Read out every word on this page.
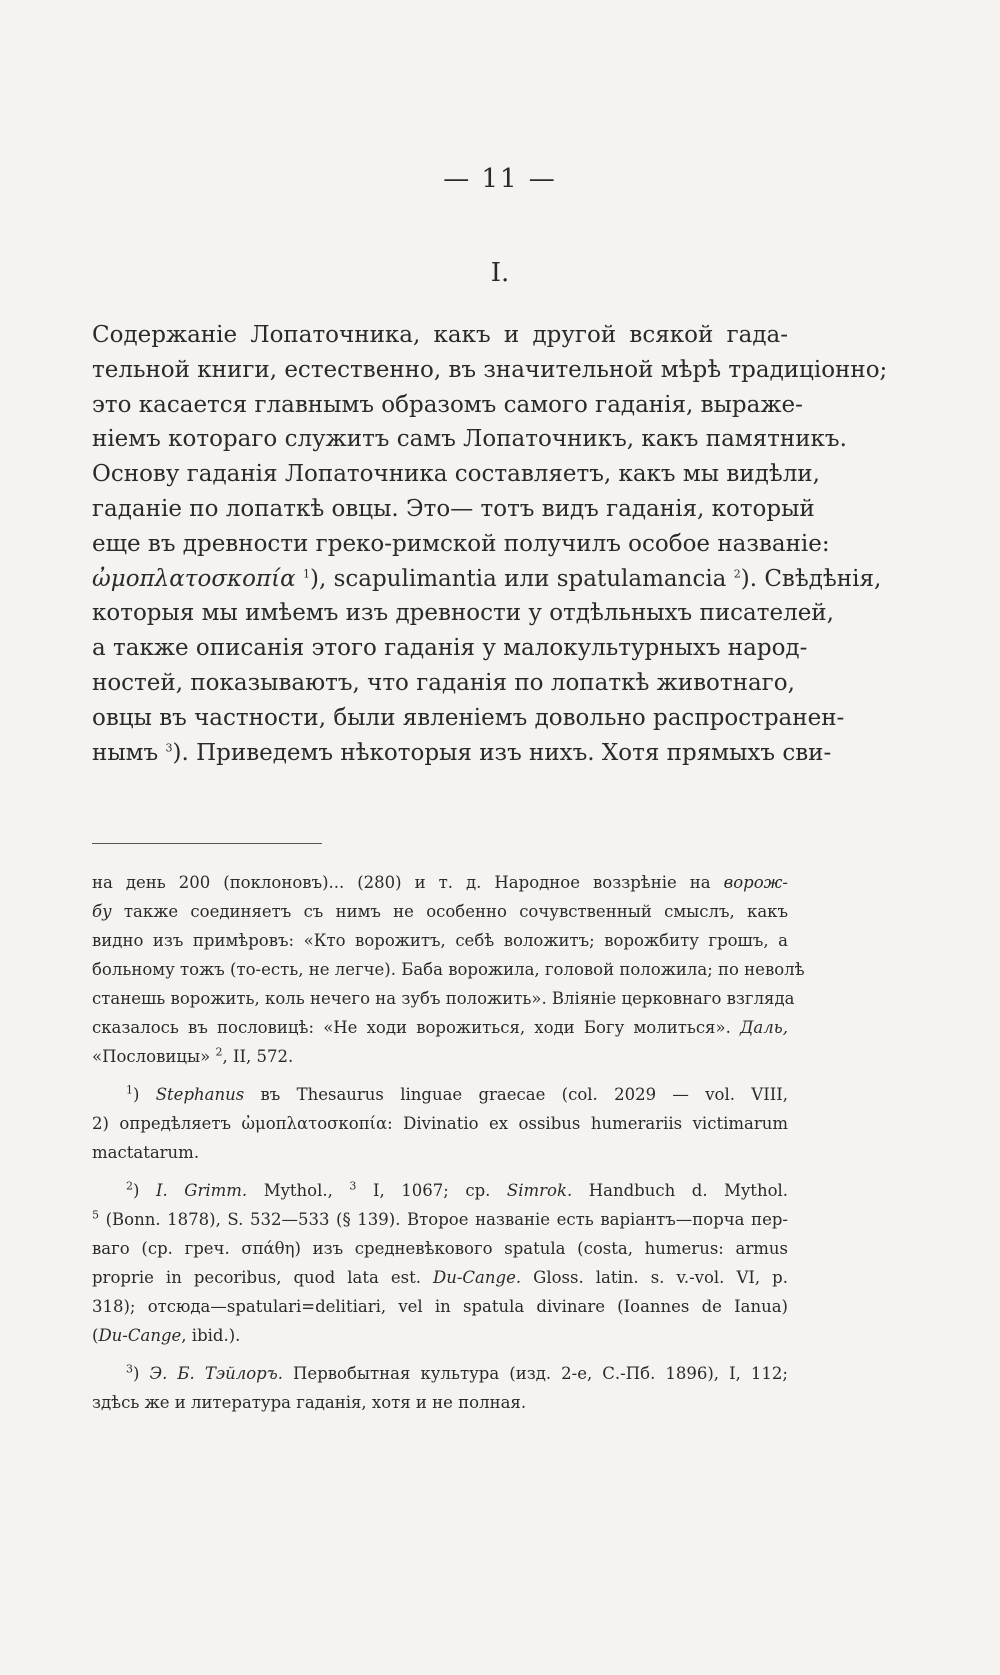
— 11 —
I.
Содержаніе Лопаточника, какъ и другой всякой гада-
тельной книги, естественно, въ значительной мѣрѣ традиціонно;
это касается главнымъ образомъ самого гаданія, выраже-
ніемъ котораго служитъ самъ Лопаточникъ, какъ памятникъ.
Основу гаданія Лопаточника составляетъ, какъ мы видѣли,
гаданіе по лопаткѣ овцы. Это— тотъ видъ гаданія, который
еще въ древности греко-римской получилъ особое названіе:
ὠμοπλατοσκοπία $^1$), scapulimantia или spatulamancia $^2$). Свѣдѣнія,
которыя мы имѣемъ изъ древности у отдѣльныхъ писателей,
а также описанія этого гаданія у малокультурныхъ народ-
ностей, показываютъ, что гаданія по лопаткѣ животнаго,
овцы въ частности, были явленіемъ довольно распространен-
нымъ $^3$). Приведемъ нѣкоторыя изъ нихъ. Хотя прямыхъ сви-
на день 200 (поклоновъ)... (280) и т. д. Народное воззрѣніе на ворож-
бу также соединяетъ съ нимъ не особенно сочувственный смыслъ, какъ
видно изъ примѣровъ: «Кто ворожитъ, себѣ воложитъ; ворожбиту грошъ, а
больному тожъ (то-есть, не легче). Баба ворожила, головой положила; по неволѣ
станешь ворожить, коль нечего на зубъ положить». Вліяніе церковнаго взгляда
сказалось въ пословицѣ: «Не ходи ворожиться, ходи Богу молиться». Даль,
«Пословицы» $^2$, II, 572.
$^1$) Stephanus въ Thesaurus linguae graecae (col. 2029 — vol. VIII,
2) опредѣляетъ ὠμοπλατοσκοπία: Divinatio ex ossibus humerariis victimarum
mactatarum.
$^2$) I. Grimm. Mythol., $^3$ I, 1067; ср. Simrok. Handbuch d. Mythol.
$^5$ (Bonn. 1878), S. 532—533 (§ 139). Второе названіе есть варіантъ—порча пер-
ваго (ср. греч. σπάθη) изъ средневѣкового spatula (costa, humerus: armus
proprie in pecoribus, quod lata est. Du-Cange. Gloss. latin. s. v.-vol. VI, p.
318); отсюда—spatulari=delitiari, vel in spatula divinare (Ioannes de Ianua)
(Du-Cange, ibid.).
$^3$) Э. Б. Тэйлоръ. Первобытная культура (изд. 2-е, С.-Пб. 1896), I, 112;
здѣсь же и литература гаданія, хотя и не полная.
